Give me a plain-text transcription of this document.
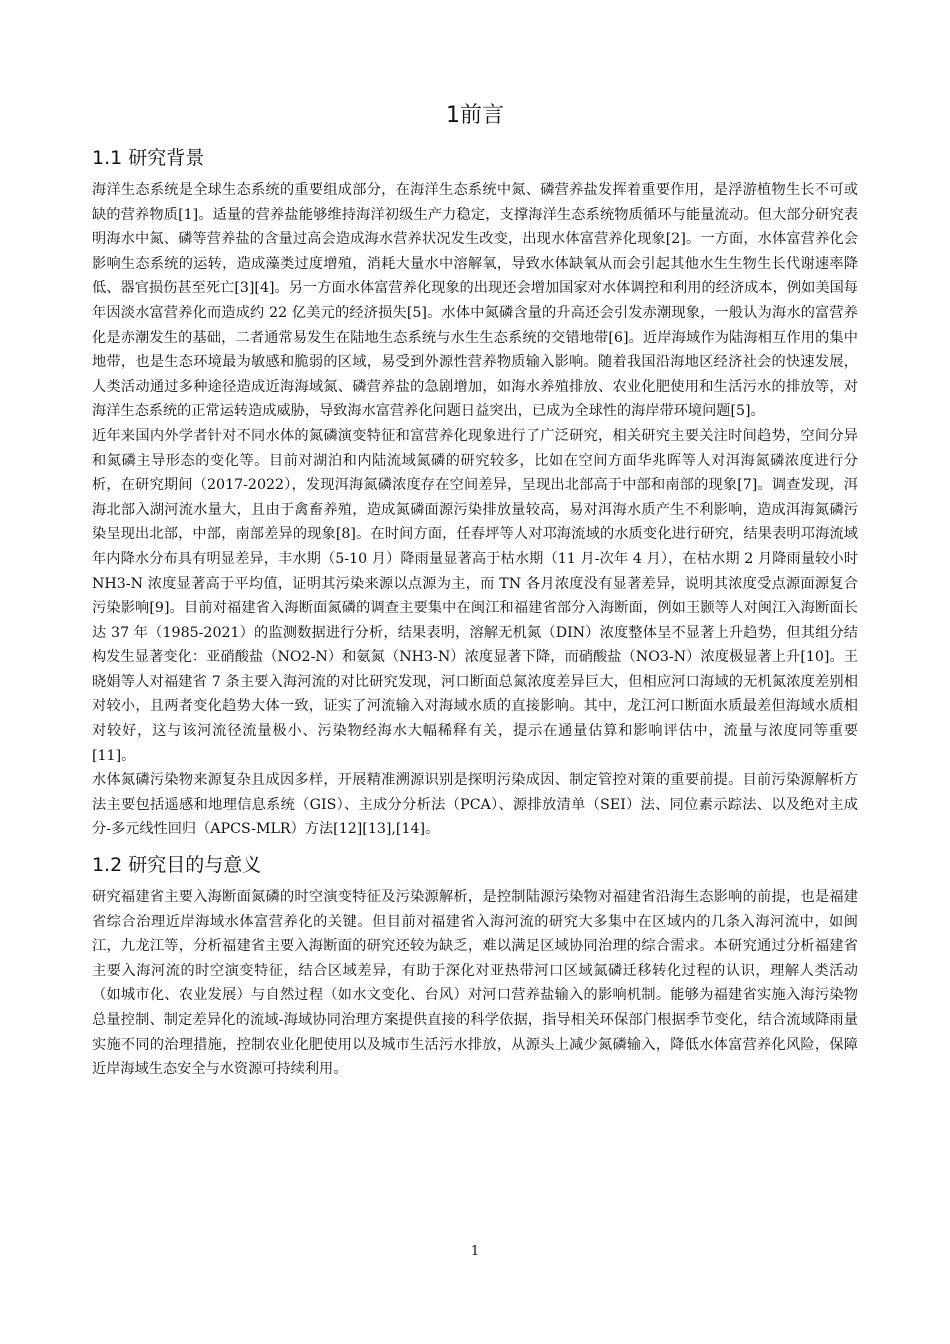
1前言
1.1 研究背景

海洋生态系统是全球生态系统的重要组成部分，在海洋生态系统中氮、磷营养盐发挥着重要作用，是浮游植物生长不可或缺的营养物质[1]。适量的营养盐能够维持海洋初级生产力稳定，支撑海洋生态系统物质循环与能量流动。但大部分研究表明海水中氮、磷等营养盐的含量过高会造成海水营养状况发生改变，出现水体富营养化现象[2]。一方面，水体富营养化会影响生态系统的运转，造成藻类过度增殖，消耗大量水中溶解氧，导致水体缺氧从而会引起其他水生生物生长代谢速率降低、器官损伤甚至死亡[3][4]。另一方面水体富营养化现象的出现还会增加国家对水体调控和利用的经济成本，例如美国每年因淡水富营养化而造成约 22 亿美元的经济损失[5]。水体中氮磷含量的升高还会引发赤潮现象，一般认为海水的富营养化是赤潮发生的基础，二者通常易发生在陆地生态系统与水生生态系统的交错地带[6]。近岸海域作为陆海相互作用的集中地带，也是生态环境最为敏感和脆弱的区域，易受到外源性营养物质输入影响。随着我国沿海地区经济社会的快速发展，人类活动通过多种途径造成近海海域氮、磷营养盐的急剧增加，如海水养殖排放、农业化肥使用和生活污水的排放等，对海洋生态系统的正常运转造成威胁，导致海水富营养化问题日益突出，已成为全球性的海岸带环境问题[5]。

近年来国内外学者针对不同水体的氮磷演变特征和富营养化现象进行了广泛研究，相关研究主要关注时间趋势，空间分异和氮磷主导形态的变化等。目前对湖泊和内陆流域氮磷的研究较多，比如在空间方面华兆晖等人对洱海氮磷浓度进行分析，在研究期间（2017-2022），发现洱海氮磷浓度存在空间差异，呈现出北部高于中部和南部的现象[7]。调查发现，洱海北部入湖河流水量大，且由于禽畜养殖，造成氮磷面源污染排放量较高，易对洱海水质产生不利影响，造成洱海氮磷污染呈现出北部，中部，南部差异的现象[8]。在时间方面，任春坪等人对邛海流域的水质变化进行研究，结果表明邛海流域年内降水分布具有明显差异，丰水期（5-10 月）降雨量显著高于枯水期（11 月-次年 4 月），在枯水期 2 月降雨量较小时 NH3-N 浓度显著高于平均值，证明其污染来源以点源为主，而 TN 各月浓度没有显著差异，说明其浓度受点源面源复合污染影响[9]。目前对福建省入海断面氮磷的调查主要集中在闽江和福建省部分入海断面，例如王颢等人对闽江入海断面长达 37 年（1985-2021）的监测数据进行分析，结果表明，溶解无机氮（DIN）浓度整体呈不显著上升趋势，但其组分结构发生显著变化：亚硝酸盐（NO2-N）和氨氮（NH3-N）浓度显著下降，而硝酸盐（NO3-N）浓度极显著上升[10]。王晓娟等人对福建省 7 条主要入海河流的对比研究发现，河口断面总氮浓度差异巨大，但相应河口海域的无机氮浓度差别相对较小，且两者变化趋势大体一致，证实了河流输入对海域水质的直接影响。其中，龙江河口断面水质最差但海域水质相对较好，这与该河流径流量极小、污染物经海水大幅稀释有关，提示在通量估算和影响评估中，流量与浓度同等重要[11]。

水体氮磷污染物来源复杂且成因多样，开展精准溯源识别是探明污染成因、制定管控对策的重要前提。目前污染源解析方法主要包括遥感和地理信息系统（GIS）、主成分分析法（PCA）、源排放清单（SEI）法、同位素示踪法、以及绝对主成分-多元线性回归（APCS-MLR）方法[12][13],[14]。

1.2 研究目的与意义

研究福建省主要入海断面氮磷的时空演变特征及污染源解析，是控制陆源污染物对福建省沿海生态影响的前提，也是福建省综合治理近岸海域水体富营养化的关键。但目前对福建省入海河流的研究大多集中在区域内的几条入海河流中，如闽江，九龙江等，分析福建省主要入海断面的研究还较为缺乏，难以满足区域协同治理的综合需求。本研究通过分析福建省主要入海河流的时空演变特征，结合区域差异，有助于深化对亚热带河口区域氮磷迁移转化过程的认识，理解人类活动（如城市化、农业发展）与自然过程（如水文变化、台风）对河口营养盐输入的影响机制。能够为福建省实施入海污染物总量控制、制定差异化的流域-海域协同治理方案提供直接的科学依据，指导相关环保部门根据季节变化，结合流域降雨量实施不同的治理措施，控制农业化肥使用以及城市生活污水排放，从源头上减少氮磷输入，降低水体富营养化风险，保障近岸海域生态安全与水资源可持续利用。

1
